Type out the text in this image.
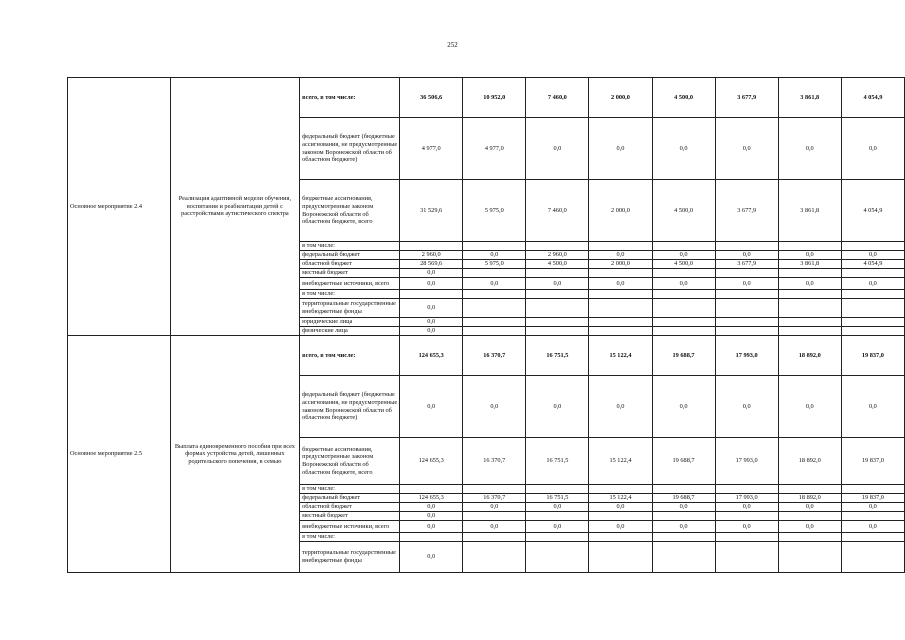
252
Основное мероприятие 2.4	Реализация адаптивной модели обучения, воспитания и реабилитации детей с расстройствами аутистического спектра	всего, в том числе:	36 506,6	10 952,0	7 460,0	2 000,0	4 500,0	3 677,9	3 861,8	4 054,9
		федеральный бюджет (бюджетные ассигнования, не предусмотренные законом Воронежской области об областном бюджете)	4 977,0	4 977,0	0,0	0,0	0,0	0,0	0,0	0,0
		бюджетные ассигнования, предусмотренные законом Воронежской области об областном бюджете, всего	31 529,6	5 975,0	7 460,0	2 000,0	4 500,0	3 677,9	3 861,8	4 054,9
		в том числе:								
		федеральный бюджет	2 960,0	0,0	2 960,0	0,0	0,0	0,0	0,0	0,0
		областной бюджет	28 569,6	5 975,0	4 500,0	2 000,0	4 500,0	3 677,9	3 861,8	4 054,9
		местный бюджет	0,0							
		внебюджетные источники, всего	0,0	0,0	0,0	0,0	0,0	0,0	0,0	0,0
		в том числе:								
		территориальные государственные внебюджетные фонды	0,0							
		юридические лица	0,0							
		физические лица	0,0							
Основное мероприятие 2.5	Выплата единовременного пособия при всех формах устройства детей, лишенных родительского попечения, в семью	всего, в том числе:	124 655,3	16 370,7	16 751,5	15 122,4	19 688,7	17 993,0	18 892,0	19 837,0
		федеральный бюджет (бюджетные ассигнования, не предусмотренные законом Воронежской области об областном бюджете)	0,0	0,0	0,0	0,0	0,0	0,0	0,0	0,0
		бюджетные ассигнования, предусмотренные законом Воронежской области об областном бюджете, всего	124 655,3	16 370,7	16 751,5	15 122,4	19 688,7	17 993,0	18 892,0	19 837,0
		в том числе:								
		федеральный бюджет	124 655,3	16 370,7	16 751,5	15 122,4	19 688,7	17 993,0	18 892,0	19 837,0
		областной бюджет	0,0	0,0	0,0	0,0	0,0	0,0	0,0	0,0
		местный бюджет	0,0							
		внебюджетные источники, всего	0,0	0,0	0,0	0,0	0,0	0,0	0,0	0,0
		в том числе:								
		территориальные государственные внебюджетные фонды	0,0							
